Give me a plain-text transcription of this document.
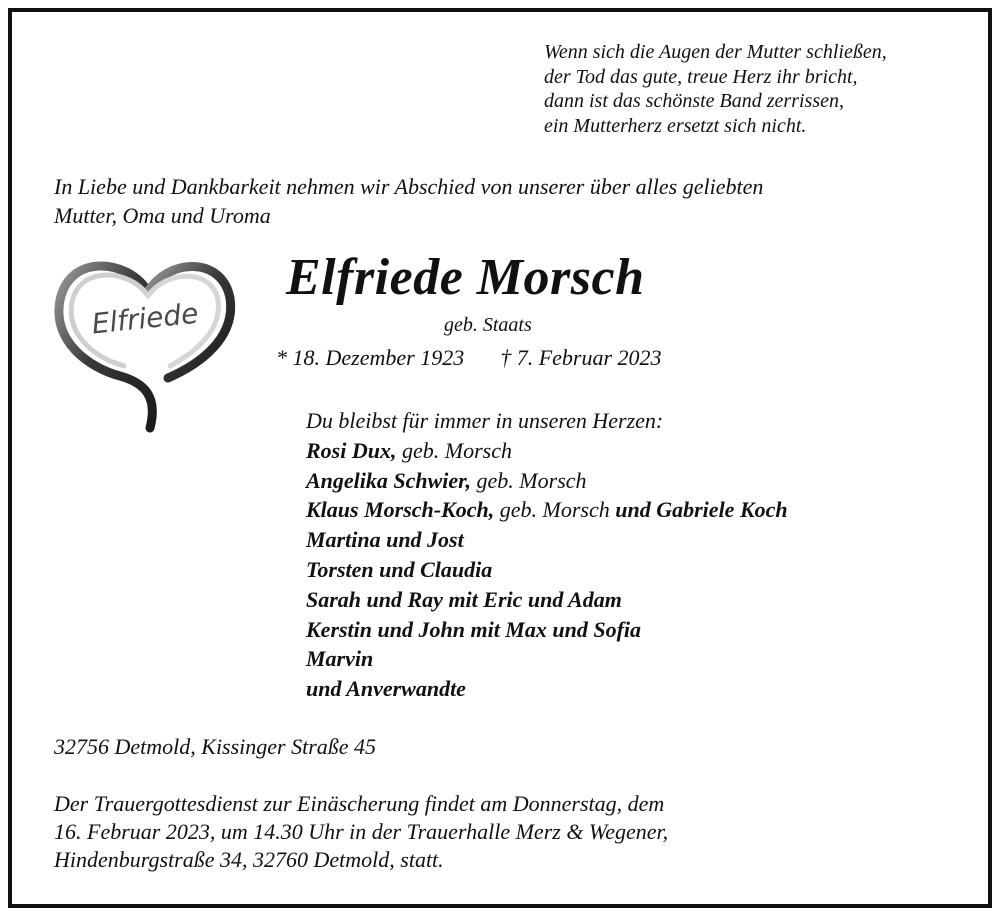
Wenn sich die Augen der Mutter schließen,
der Tod das gute, treue Herz ihr bricht,
dann ist das schönste Band zerrissen,
ein Mutterherz ersetzt sich nicht.
In Liebe und Dankbarkeit nehmen wir Abschied von unserer über alles geliebten
Mutter, Oma und Uroma
Elfriede
Elfriede Morsch
geb. Staats
* 18. Dezember 1923 † 7. Februar 2023
Du bleibst für immer in unseren Herzen:
Rosi Dux, geb. Morsch
Angelika Schwier, geb. Morsch
Klaus Morsch-Koch, geb. Morsch und Gabriele Koch
Martina und Jost
Torsten und Claudia
Sarah und Ray mit Eric und Adam
Kerstin und John mit Max und Sofia
Marvin
und Anverwandte
32756 Detmold, Kissinger Straße 45
Der Trauergottesdienst zur Einäscherung findet am Donnerstag, dem
16. Februar 2023, um 14.30 Uhr in der Trauerhalle Merz & Wegener,
Hindenburgstraße 34, 32760 Detmold, statt.
